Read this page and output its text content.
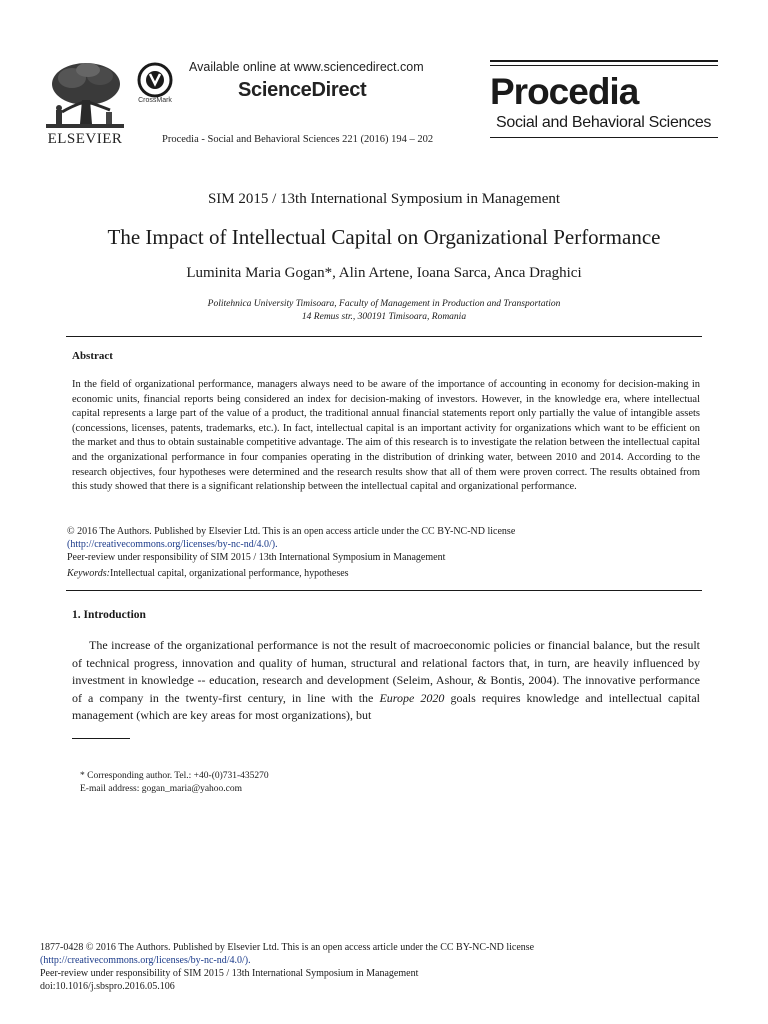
ELSEVIER
CrossMark
Available online at www.sciencedirect.com
ScienceDirect
Procedia - Social and Behavioral Sciences 221 (2016) 194 – 202
Procedia
Social and Behavioral Sciences
SIM 2015 / 13th International Symposium in Management
The Impact of Intellectual Capital on Organizational Performance
Luminita Maria Gogan*, Alin Artene, Ioana Sarca, Anca Draghici
Politehnica University Timisoara, Faculty of Management in Production and Transportation
14 Remus str., 300191 Timisoara, Romania
Abstract

In the field of organizational performance, managers always need to be aware of the importance of accounting in economy for decision-making in economic units, financial reports being considered an index for decision-making of investors. However, in the knowledge era, where intellectual capital represents a large part of the value of a product, the traditional annual financial statements report only partially the value of intangible assets (concessions, licenses, patents, trademarks, etc.). In fact, intellectual capital is an important activity for organizations which want to be efficient on the market and thus to obtain sustainable competitive advantage. The aim of this research is to investigate the relation between the intellectual capital and the organizational performance in four companies operating in the distribution of drinking water, between 2010 and 2014. According to the research objectives, four hypotheses were determined and the research results show that all of them were proven correct. The results obtained from this study showed that there is a significant relationship between the intellectual capital and organizational performance.

© 2016 The Authors. Published by Elsevier Ltd. This is an open access article under the CC BY-NC-ND license
(http://creativecommons.org/licenses/by-nc-nd/4.0/).
Peer-review under responsibility of SIM 2015 / 13th International Symposium in Management
Keywords:Intellectual capital, organizational performance, hypotheses
1. Introduction

The increase of the organizational performance is not the result of macroeconomic policies or financial balance, but the result of technical progress, innovation and quality of human, structural and relational factors that, in turn, are heavily influenced by investment in knowledge -- education, research and development (Seleim, Ashour, & Bontis, 2004). The innovative performance of a company in the twenty-first century, in line with the Europe 2020 goals requires knowledge and intellectual capital management (which are key areas for most organizations), but

* Corresponding author. Tel.: +40-(0)731-435270
E-mail address: gogan_maria@yahoo.com
1877-0428 © 2016 The Authors. Published by Elsevier Ltd. This is an open access article under the CC BY-NC-ND license
(http://creativecommons.org/licenses/by-nc-nd/4.0/).
Peer-review under responsibility of SIM 2015 / 13th International Symposium in Management
doi:10.1016/j.sbspro.2016.05.106
